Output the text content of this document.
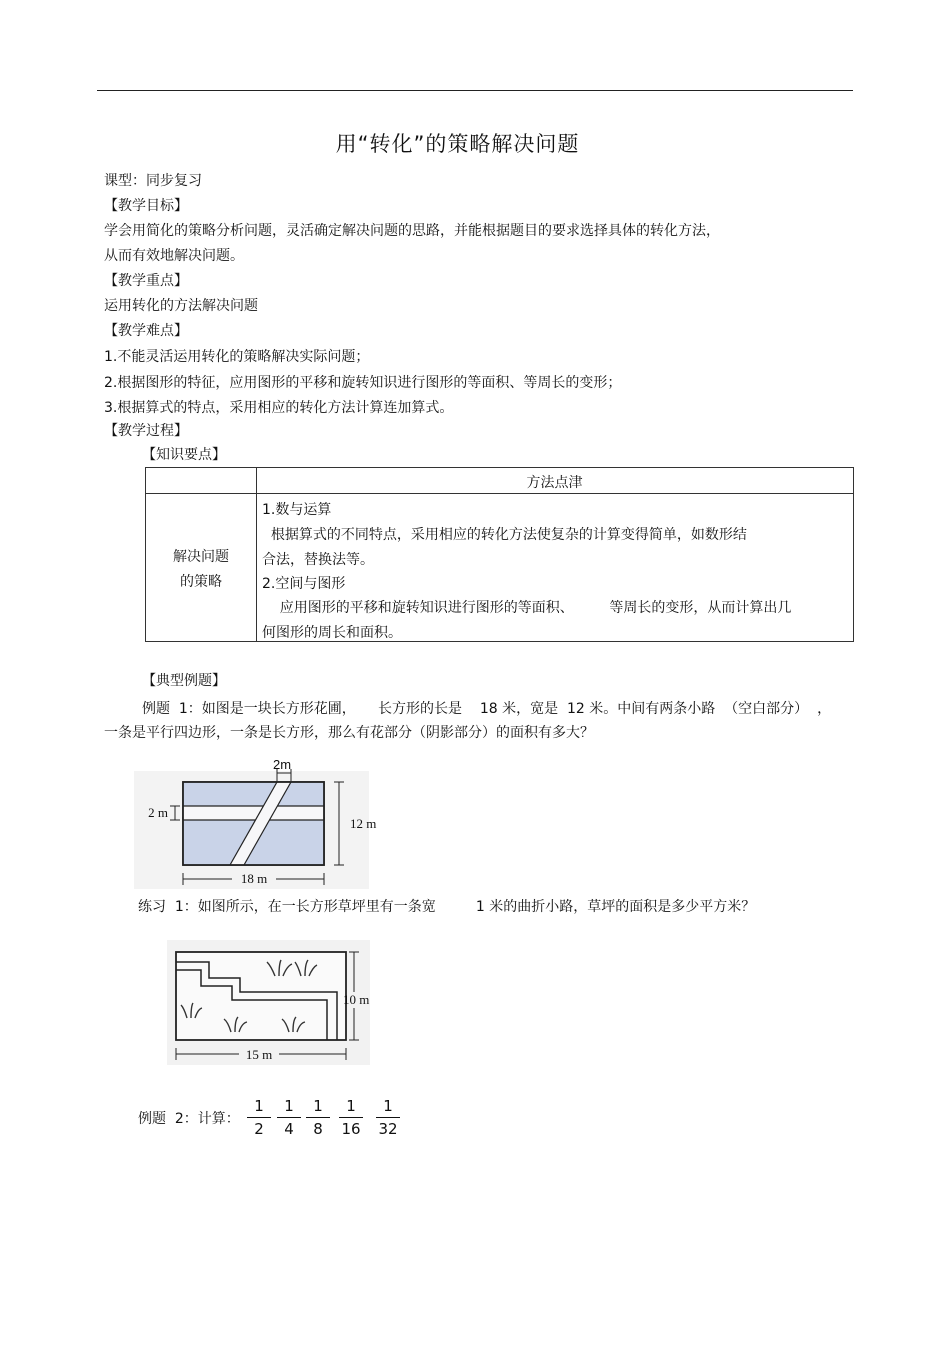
用“转化”的策略解决问题
课型：同步复习
【教学目标】
学会用简化的策略分析问题，灵活确定解决问题的思路，并能根据题目的要求选择具体的转化方法，
从而有效地解决问题。
【教学重点】
运用转化的方法解决问题
【教学难点】
1.不能灵活运用转化的策略解决实际问题；
2.根据图形的特征，应用图形的平移和旋转知识进行图形的等面积、等周长的变形；
3.根据算式的特点，采用相应的转化方法计算连加算式。
【教学过程】
【知识要点】
方法点津
解决问题
的策略
1.数与运算
根据算式的不同特点，采用相应的转化方法使复杂的计算变得简单，如数形结
合法，替换法等。
2.空间与图形
应用图形的平移和旋转知识进行图形的等面积、        等周长的变形，从而计算出几
何图形的周长和面积。
【典型例题】
例题  1：如图是一块长方形花圃，     长方形的长是    18 米，宽是  12 米。中间有两条小路  （空白部分）  ，
一条是平行四边形，一条是长方形，那么有花部分（阴影部分）的面积有多大？
2m
2 m
12 m
18 m
练习  1：如图所示，在一长方形草坪里有一条宽         1 米的曲折小路，草坪的面积是多少平方米？
10 m
15 m
例题  2：计算：
1
2
1
4
1
8
1
16
1
32
